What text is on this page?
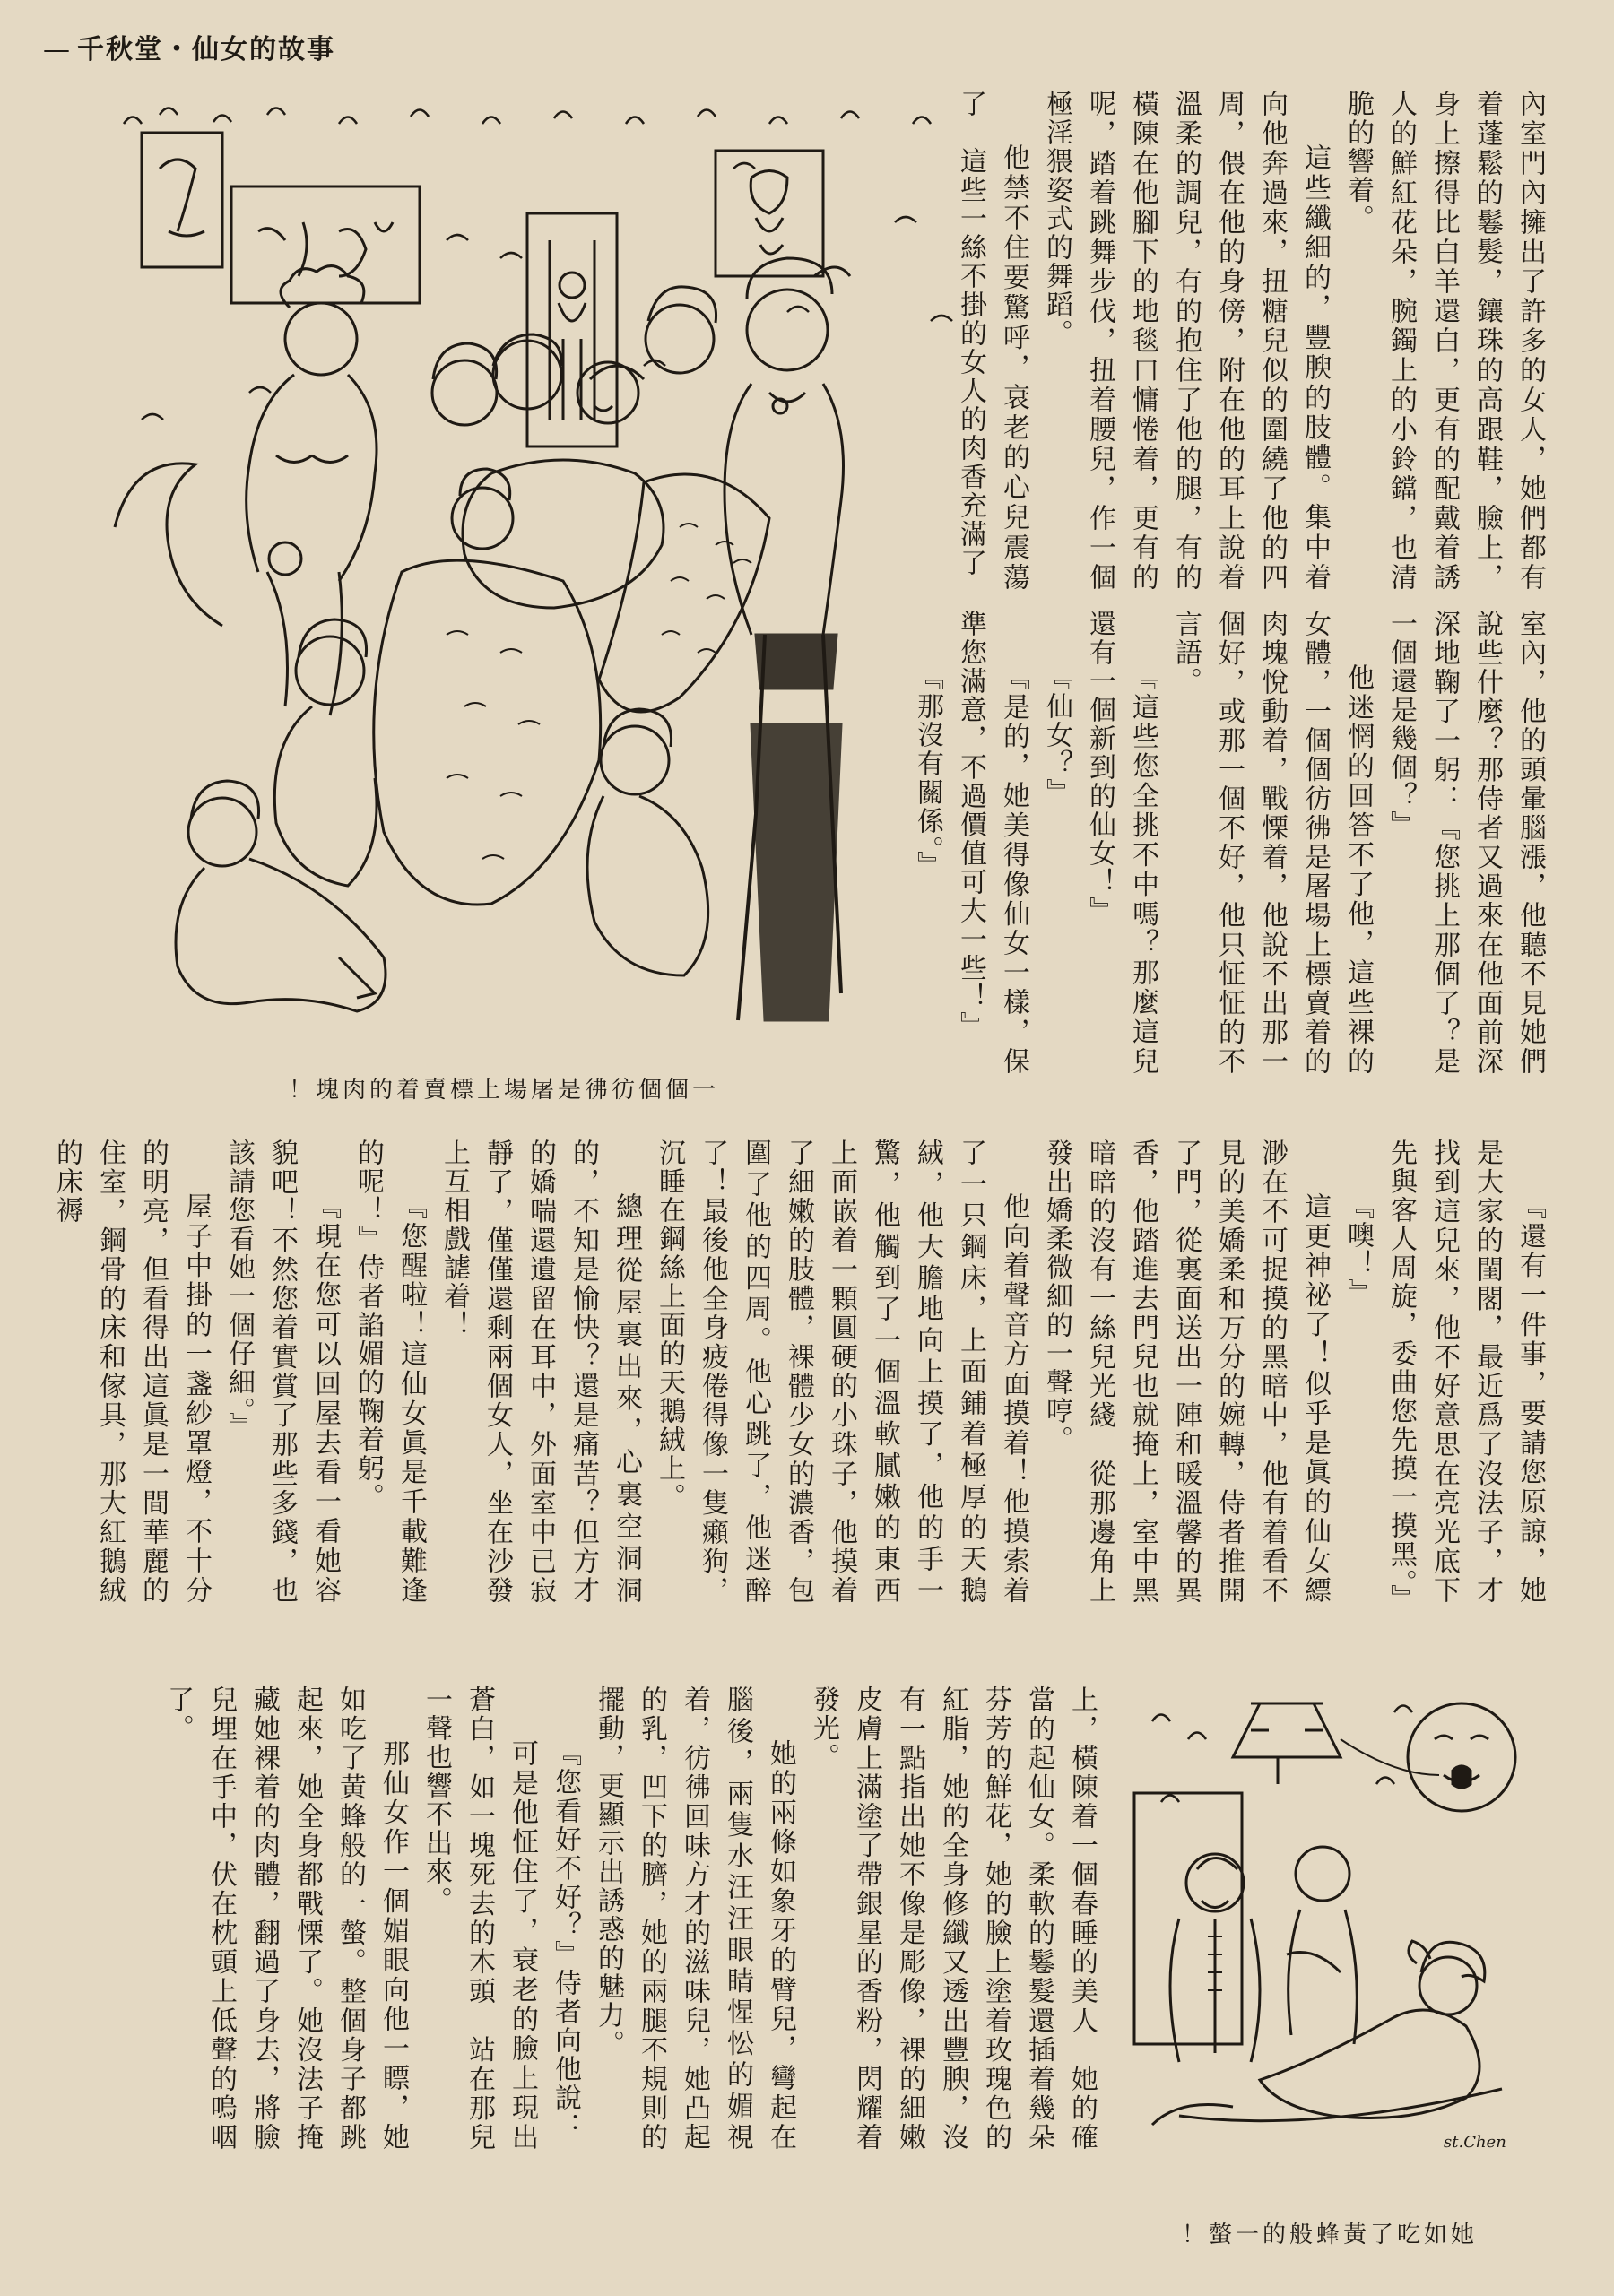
— 千秋堂・仙女的故事
一個個彷彿是屠場上標賣着的肉塊！

內室門內擁出了許多的女人，她們都有着蓬鬆的鬈髮，鑲珠的高跟鞋，臉上，身上擦得比白羊還白，更有的配戴着誘人的鮮紅花朵，腕鐲上的小鈴鐺，也清脆的響着。

這些纖細的，豐腴的肢體。集中着向他奔過來，扭糖兒似的圍繞了他的四周，偎在他的身傍，附在他的耳上說着溫柔的調兒，有的抱住了他的腿，有的橫陳在他腳下的地毯口慵惓着，更有的呢，踏着跳舞步伐，扭着腰兒，作一個極淫猥姿式的舞蹈。

他禁不住要驚呼，衰老的心兒震蕩了　這些一絲不掛的女人的肉香充滿了

室內，他的頭暈腦漲，他聽不見她們說些什麼？那侍者又過來在他面前深深地鞠了一躬：『您挑上那個了？是一個還是幾個？』

他迷惘的回答不了他，這些裸的女體，一個個彷彿是屠場上標賣着的肉塊悅動着，戰慄着，他說不出那一個好，或那一個不好，他只怔怔的不言語。

『這些您全挑不中嗎？那麼這兒還有一個新到的仙女！』

『仙女？』

『是的，她美得像仙女一樣，保準您滿意，不過價值可大一些！』

『那沒有關係。』

『還有一件事，要請您原諒，她是大家的閨閣，最近爲了沒法子，才找到這兒來，他不好意思在亮光底下先與客人周旋，委曲您先摸一摸黑。』

『噢！』

這更神祕了！似乎是眞的仙女縹渺在不可捉摸的黑暗中，他有着看不見的美嬌柔和万分的婉轉，侍者推開了門，從裏面送出一陣和暖溫馨的異香，他踏進去門兒也就掩上，室中黑暗暗的沒有一絲兒光綫　從那邊角上發出嬌柔微細的一聲哼。

他向着聲音方面摸着！他摸索着了一只鋼床，上面鋪着極厚的天鵝絨，他大膽地向上摸了，他的手一驚，他觸到了一個溫軟膩嫩的東西　上面嵌着一顆圓硬的小珠子，他摸着了細嫩的肢體，裸體少女的濃香，包圍了他的四周。他心跳了，他迷醉了！最後他全身疲倦得像一隻癩狗，沉睡在鋼絲上面的天鵝絨上。

總理從屋裏出來，心裏空洞洞的，不知是愉快？還是痛苦？但方才的嬌喘還遺留在耳中，外面室中已寂靜了，僅僅還剩兩個女人，坐在沙發上互相戲謔着！

『您醒啦！這仙女眞是千載難逢的呢！』侍者諂媚的鞠着躬。

『現在您可以回屋去看一看她容貌吧！不然您着實賞了那些多錢，也該請您看她一個仔細。』

屋子中掛的一盞紗罩燈，不十分的明亮，但看得出這眞是一間華麗的住室，鋼骨的床和傢具，那大紅鵝絨的床褥

上，橫陳着一個春睡的美人　她的確當的起仙女。柔軟的鬈髮還插着幾朵芬芳的鮮花，她的臉上塗着玫瑰色的紅脂，她的全身修纖又透出豐腴，沒有一點指出她不像是彫像，裸的細嫩皮膚上滿塗了帶銀星的香粉，閃耀着發光。

她的兩條如象牙的臂兒，彎起在腦後，兩隻水汪汪眼睛惺忪的媚視着，彷彿回味方才的滋味兒，她凸起的乳，凹下的臍，她的兩腿不規則的擺動，更顯示出誘惑的魅力。

『您看好不好？』侍者向他說：

可是他怔住了，衰老的臉上現出蒼白，如一塊死去的木頭　站在那兒一聲也響不出來。

那仙女作一個媚眼向他一瞟，她如吃了黃蜂般的一螫。整個身子都跳起來，她全身都戰慄了。她沒法子掩藏她裸着的肉體，翻過了身去，將臉兒埋在手中，伏在枕頭上低聲的嗚咽了。

st.Chen
她如吃了黃蜂般的一螫！
